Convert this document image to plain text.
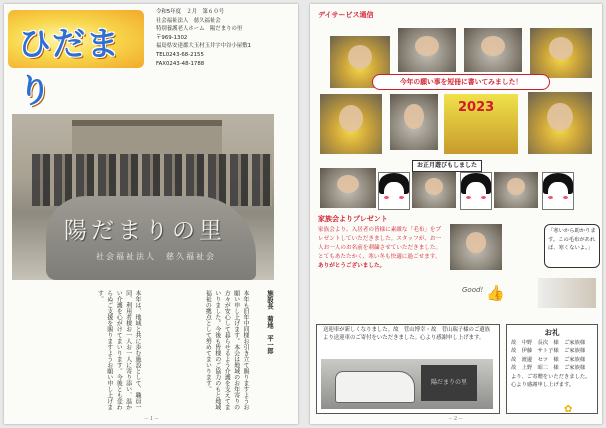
ひだまり
令和5年度　２月　第６０号
社会福祉法人　慈久福祉会
特別養護老人ホーム　陽だまりの里
〒969-1302
福島県安達郡大玉村玉井字中谷小屋敷1
TEL0243-68-2155
FAX0243-48-1788
陽だまりの里
社会福祉法人　慈久福祉会
施設長　菊地　平一郎
本年も旧年中同様お引き立て賜りますようお願い申し上げます。本会は地域のお年寄りの方々が安心して暮らせるよう介護を支えてまいりました。今後も皆様のご協力のもと地域福祉の拠点として努めてまいります。
本年は、地域と共に歩む施設として、職員一同、利用者様お一人お一人に寄り添い、温かい介護を心がけてまいります。今後とも変わらぬご支援を賜りますようお願い申し上げます。
－１－
デイサービス通信
今年の願い事を短冊に書いてみました！
2023
お正月遊びもしました
家族会よりプレゼント
家族会より、入居者の皆様に素敵な「毛布」をプレゼントしていただきました。スタッフが、お一人お一人のお名前を刺繍させていただきました。とてもあたたかく、寒い冬も快適に過ごせます。
ありがとうございました。
「寒いから助かります。この毛布があれば、寒くないよ。」
Good! 👍
送迎車が新しくなりました。故　菅山博幸・故　菅山瑞子様のご遺族より送迎車のご寄付をいただきました。心より感謝申し上げます。
陽だまりの里
お礼
故　中野　長次　様　ご家族様
故　伊藤　サト子様　ご家族様
故　渡邊　セツ　様　ご家族様
故　上野　昭二　様　ご家族様
より、ご寄贈をいただきました。
心より感謝申し上げます。
✿
－２－
